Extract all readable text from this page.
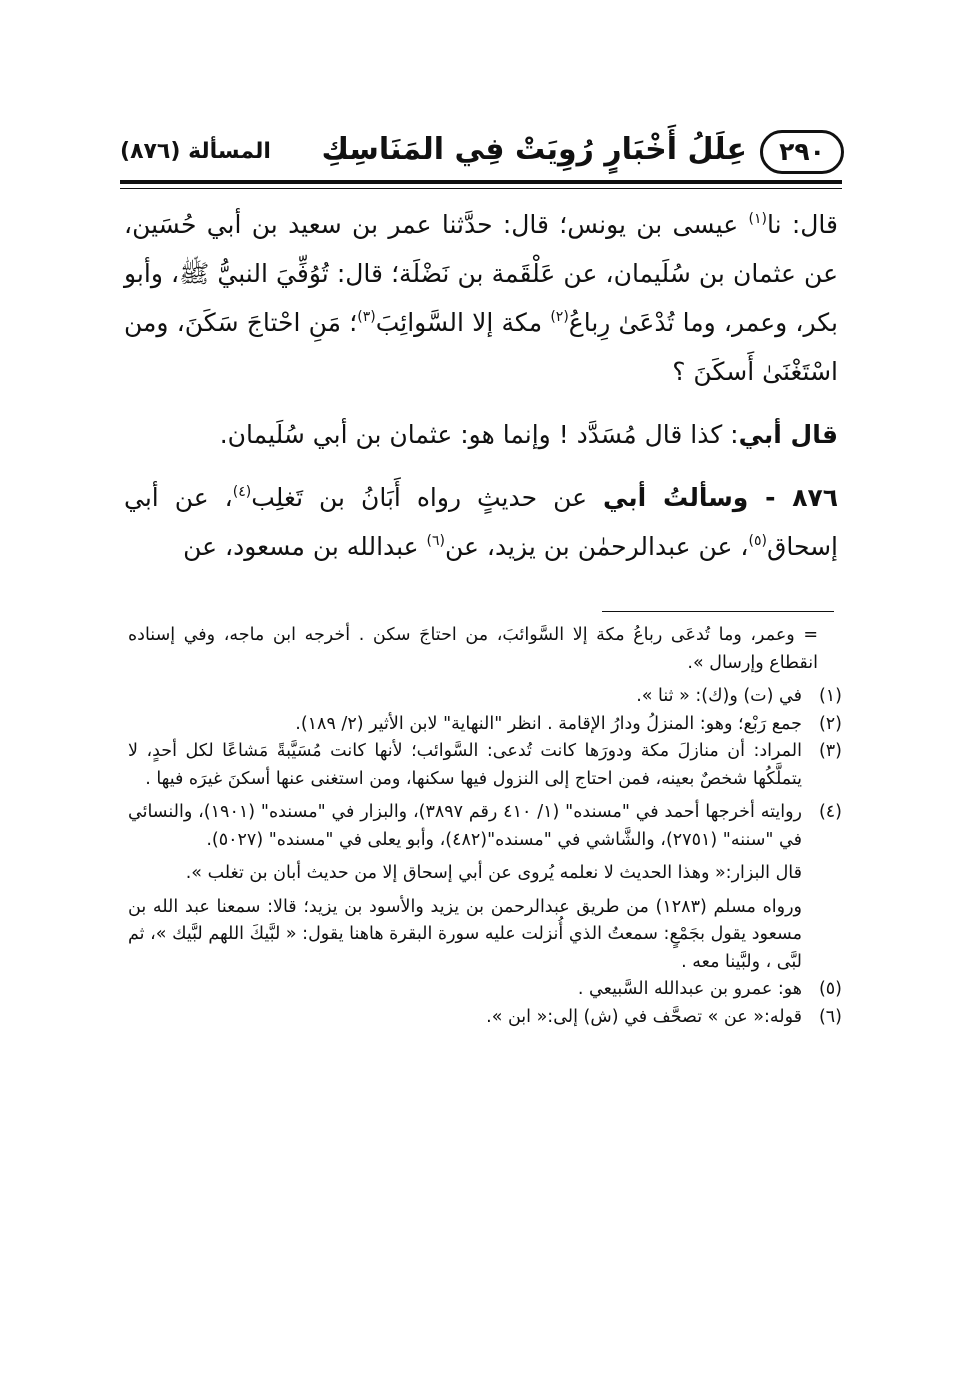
٢٩٠
عِلَلُ أَخْبَارٍ رُوِيَتْ فِي المَنَاسِكِ
المسألة (٨٧٦)

قال: نا$^{(١)}$ عيسى بن يونس؛ قال: حدَّثنا عمر بن سعيد بن أبي حُسَين، عن عثمان بن سُلَيمان، عن عَلْقَمة بن نَضْلَة؛ قال: تُوُفِّيَ النبيُّ ﷺ، وأبو بكر، وعمر، وما تُدْعَىٰ رِباعُ$^{(٢)}$ مكة إلا السَّوائِبَ$^{(٣)}$؛ مَنِ احْتاجَ سَكَنَ، ومن اسْتَغْنَىٰ أَسكَنَ ؟

قال أبي: كذا قال مُسَدَّد ! وإنما هو: عثمان بن أبي سُلَيمان.

٨٧٦ - وسألتُ أبي عن حديثٍ رواه أَبَانُ بن تَغلِب$^{(٤)}$، عن أبي إسحاق$^{(٥)}$، عن عبدالرحمٰن بن يزيد، عن$^{(٦)}$ عبدالله بن مسعود، عن

= وعمر، وما تُدعَى رباعُ مكة إلا السَّوائبَ، من احتاجَ سكن . أخرجه ابن ماجه، وفي إسناده انقطاع وإرسال ».
(١)
في (ت) و(ك): « ثنا ».
(٢)
جمع رَبْع؛ وهو: المنزلُ ودارُ الإقامة . انظر "النهاية" لابن الأثير (٢/ ١٨٩).
(٣)
المراد: أن منازلَ مكة ودورَها كانت تُدعى: السَّوائب؛ لأنها كانت مُسَيَّبةً مَشاعًا لكل أحدٍ، لا يتملَّكُها شخصٌ بعينه، فمن احتاج إلى النزول فيها سكنها، ومن استغنى عنها أسكنَ غيرَه فيها .
(٤)
روايته أخرجها أحمد في "مسنده" (١/ ٤١٠ رقم ٣٨٩٧)، والبزار في "مسنده" (١٩٠١)، والنسائي في "سننه" (٢٧٥١)، والشَّاشي في "مسنده"(٤٨٢)، وأبو يعلى في "مسنده" (٥٠٢٧).
قال البزار:« وهذا الحديث لا نعلمه يُروى عن أبي إسحاق إلا من حديث أبان بن تغلب ».
ورواه مسلم (١٢٨٣) من طريق عبدالرحمن بن يزيد والأسود بن يزيد؛ قالا: سمعنا عبد الله بن مسعود يقول بجَمْعٍ: سمعتُ الذي أُنزلت عليه سورة البقرة هاهنا يقول: « لبَّيكَ اللهم لبَّيك »، ثم لبَّى ، ولبَّينا معه .
(٥)
هو: عمرو بن عبدالله السَّبيعي .
(٦)
قوله:« عن » تصحَّف في (ش) إلى:« ابن ».
